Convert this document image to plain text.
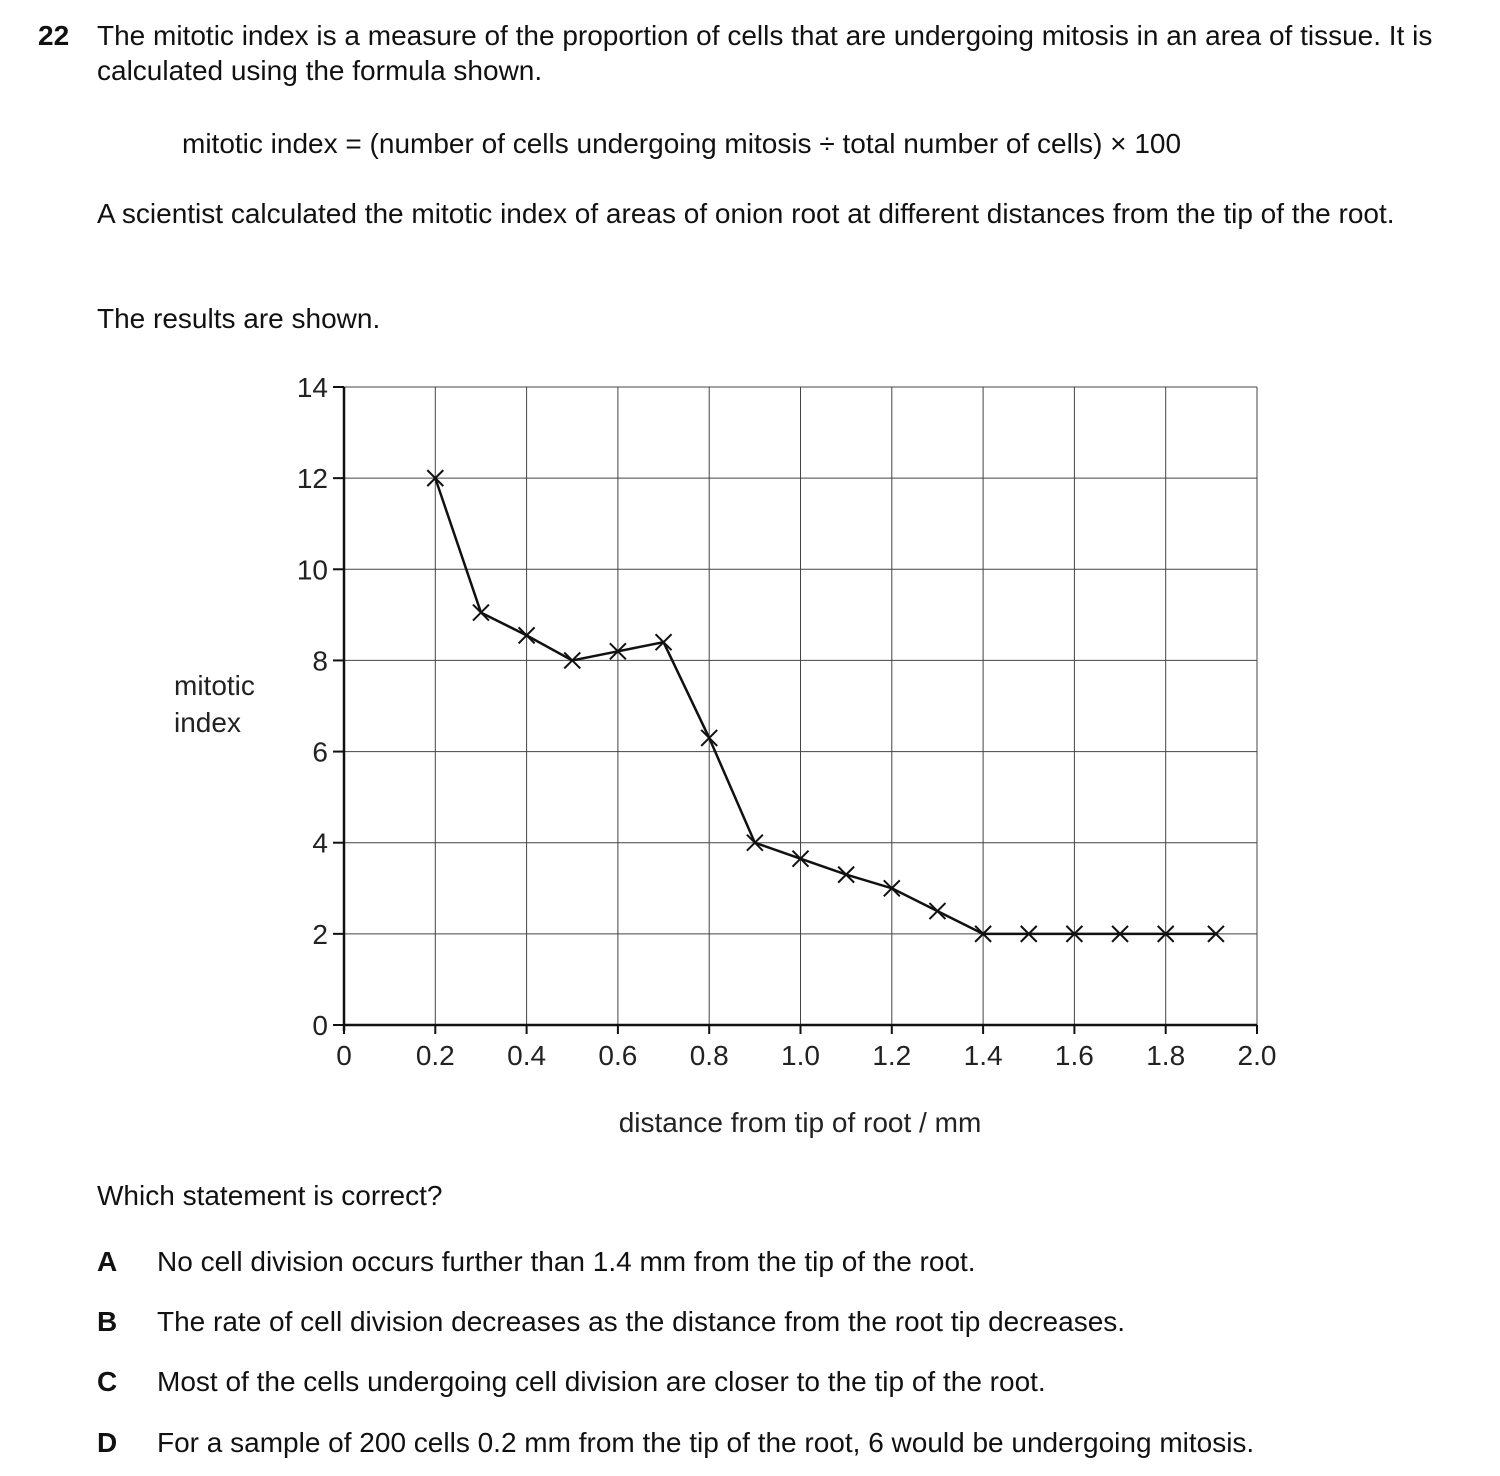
22 The mitotic index is a measure of the proportion of cells that are undergoing mitosis in an area of tissue. It is calculated using the formula shown.

mitotic index = (number of cells undergoing mitosis ÷ total number of cells) × 100

A scientist calculated the mitotic index of areas of onion root at different distances from the tip of the root.

The results are shown.

0
2
4
6
8
10
12
14
0 0.2 0.4 0.6 0.8 1.0 1.2 1.4 1.6 1.8 2.0
mitotic
index
distance from tip of root / mm
Which statement is correct?
A No cell division occurs further than 1.4 mm from the tip of the root.
B The rate of cell division decreases as the distance from the root tip decreases.
C Most of the cells undergoing cell division are closer to the tip of the root.
D For a sample of 200 cells 0.2 mm from the tip of the root, 6 would be undergoing mitosis.
